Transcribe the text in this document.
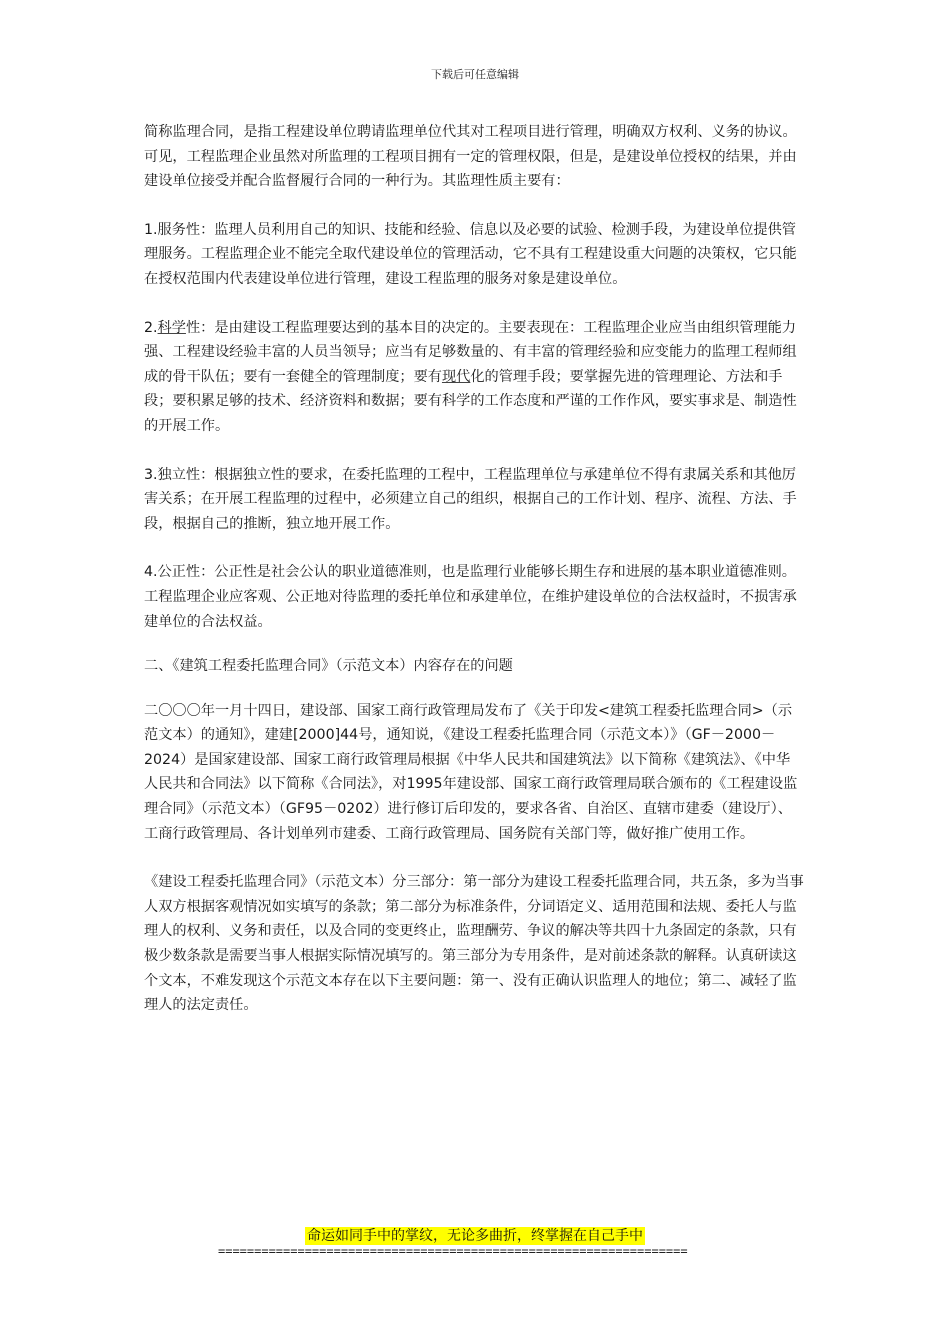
下载后可任意编辑

简称监理合同，是指工程建设单位聘请监理单位代其对工程项目进行管理，明确双方权利、义务的协议。可见，工程监理企业虽然对所监理的工程项目拥有一定的管理权限，但是，是建设单位授权的结果，并由建设单位接受并配合监督履行合同的一种行为。其监理性质主要有：

1.服务性：监理人员利用自己的知识、技能和经验、信息以及必要的试验、检测手段，为建设单位提供管理服务。工程监理企业不能完全取代建设单位的管理活动，它不具有工程建设重大问题的决策权，它只能在授权范围内代表建设单位进行管理，建设工程监理的服务对象是建设单位。

2.科学性：是由建设工程监理要达到的基本目的决定的。主要表现在：工程监理企业应当由组织管理能力强、工程建设经验丰富的人员当领导；应当有足够数量的、有丰富的管理经验和应变能力的监理工程师组成的骨干队伍；要有一套健全的管理制度；要有现代化的管理手段；要掌握先进的管理理论、方法和手段；要积累足够的技术、经济资料和数据；要有科学的工作态度和严谨的工作作风，要实事求是、制造性的开展工作。

3.独立性：根据独立性的要求，在委托监理的工程中，工程监理单位与承建单位不得有隶属关系和其他厉害关系；在开展工程监理的过程中，必须建立自己的组织，根据自己的工作计划、程序、流程、方法、手段，根据自己的推断，独立地开展工作。

4.公正性：公正性是社会公认的职业道德准则，也是监理行业能够长期生存和进展的基本职业道德准则。工程监理企业应客观、公正地对待监理的委托单位和承建单位，在维护建设单位的合法权益时，不损害承建单位的合法权益。

二、《建筑工程委托监理合同》（示范文本）内容存在的问题

二〇〇〇年一月十四日，建设部、国家工商行政管理局发布了《关于印发<建筑工程委托监理合同>（示范文本）的通知》，建建[2000]44号，通知说，《建设工程委托监理合同（示范文本）》（GF－2000－2024）是国家建设部、国家工商行政管理局根据《中华人民共和国建筑法》以下简称《建筑法》、《中华人民共和合同法》以下简称《合同法》，对1995年建设部、国家工商行政管理局联合颁布的《工程建设监理合同》（示范文本）（GF95－0202）进行修订后印发的，要求各省、自治区、直辖市建委（建设厅）、工商行政管理局、各计划单列市建委、工商行政管理局、国务院有关部门等，做好推广使用工作。

《建设工程委托监理合同》（示范文本）分三部分：第一部分为建设工程委托监理合同，共五条，多为当事人双方根据客观情况如实填写的条款；第二部分为标准条件，分词语定义、适用范围和法规、委托人与监理人的权利、义务和责任，以及合同的变更终止，监理酬劳、争议的解决等共四十九条固定的条款，只有极少数条款是需要当事人根据实际情况填写的。第三部分为专用条件，是对前述条款的解释。认真研读这个文本，不难发现这个示范文本存在以下主要问题：第一、没有正确认识监理人的地位；第二、减轻了监理人的法定责任。

命运如同手中的掌纹，无论多曲折，终掌握在自己手中
=================================================================
